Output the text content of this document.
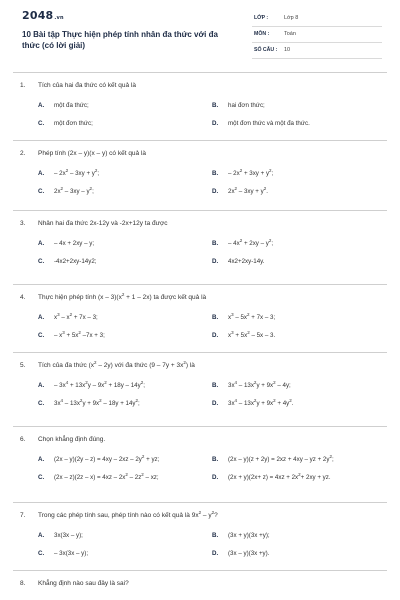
2048.vn
10 Bài tập Thực hiện phép tính nhân đa thức với đa thức (có lời giải)
LỚP :	Lớp 8
MÔN :	Toán
SỐ CÂU : 10
1. Tích của hai đa thức có kết quả là
A. một đa thức;	B. hai đơn thức;
C. một đơn thức;	D. một đơn thức và một đa thức.
2. Phép tính (2x – y)(x – y) có kết quả là
A. – $2x^2 - 3xy + y^2$;	B. – $2x^2 + 3xy + y^2$;
C. $2x^2 - 3xy - y^2$;	D. $2x^2 - 3xy + y^2$.
3. Nhân hai đa thức 2x-12y và -2x+12y ta được
A. – 4x + 2xy – y;	B. – $4x^2 + 2xy - y^2$;
C. -4x2+2xy-14y2;	D. 4x2+2xy-14y.
4. Thực hiện phép tính $(x - 3)(x^2 + 1 - 2x)$ ta được kết quả là
A. $x^3 - x^2 + 7x - 3$;	B. $x^3 - 5x^2 + 7x - 3$;
C. – $x^3 + 5x^2$ –7x + 3;	D. $x^3 + 5x^2 - 5x - 3$.
5. Tích của đa thức $(x^2 - 2y)$ với đa thức $(9 - 7y + 3x^2)$ là
A. – $3x^4 + 13x^2y - 9x^2 + 18y - 14y^2$;	B. $3x^4 - 13x^2y + 9x^2 - 4y$;
C. $3x^4 - 13x^2y + 9x^2 - 18y + 14y^2$;	D. $3x^4 - 13x^2y + 9x^2 + 4y^2$.
6. Chọn khẳng định đúng.
A. $(2x - y)(2y - z) = 4xy - 2xz - 2y^2$ + yz;	B. (2x – y)(z + 2y) = 2xz + 4xy – yz + $2y^2$;
C. $(2x - z)(2z - x) = 4xz - 2x^2 - 2z^2$ – xz;	D. $(2x + y)(2x+ z) = 4xz + 2x^2+ 2xy$ + yz.
7. Trong các phép tính sau, phép tính nào có kết quả là $9x^2 - y^2$?
A. 3x(3x – y);	B. (3x + y)(3x +y);
C. – 3x(3x – y);	D. (3x – y)(3x +y).
8. Khẳng định nào sau đây là sai?
